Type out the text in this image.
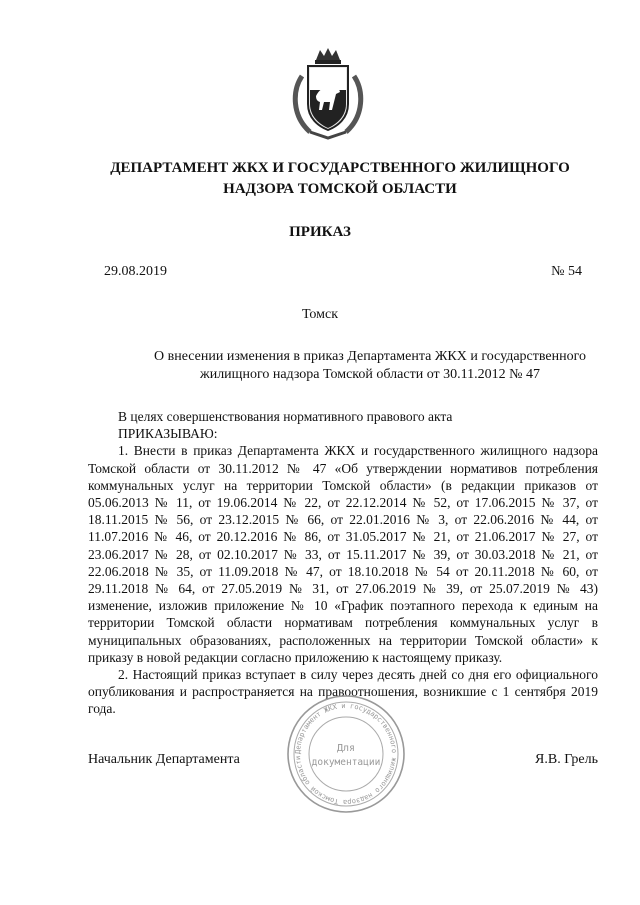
ДЕПАРТАМЕНТ ЖКХ И ГОСУДАРСТВЕННОГО ЖИЛИЩНОГО
НАДЗОРА ТОМСКОЙ ОБЛАСТИ
ПРИКАЗ
29.08.2019	№ 54
Томск
О внесении изменения в приказ Департамента ЖКХ и государственного
жилищного надзора Томской области от 30.11.2012 № 47

В целях совершенствования нормативного правового акта

ПРИКАЗЫВАЮ:

1. Внести в приказ Департамента ЖКХ и государственного жилищного надзора Томской области от 30.11.2012 № 47 «Об утверждении нормативов потребления коммунальных услуг на территории Томской области» (в редакции приказов от 05.06.2013 № 11, от 19.06.2014 № 22, от 22.12.2014 № 52, от 17.06.2015 № 37, от 18.11.2015 № 56, от 23.12.2015 № 66, от 22.01.2016 № 3, от 22.06.2016 № 44, от 11.07.2016 № 46, от 20.12.2016 № 86, от 31.05.2017 № 21, от 21.06.2017 № 27, от 23.06.2017 № 28, от 02.10.2017 № 33, от 15.11.2017 № 39, от 30.03.2018 № 21, от 22.06.2018 № 35, от 11.09.2018 № 47, от 18.10.2018 № 54 от 20.11.2018 № 60, от 29.11.2018 № 64, от 27.05.2019 № 31, от 27.06.2019 № 39, от 25.07.2019 № 43) изменение, изложив приложение № 10 «График поэтапного перехода к единым на территории Томской области нормативам потребления коммунальных услуг в муниципальных образованиях, расположенных на территории Томской области» к приказу в новой редакции согласно приложению к настоящему приказу.

2. Настоящий приказ вступает в силу через десять дней со дня его официального опубликования и распространяется на правоотношения, возникшие с 1 сентября 2019 года.

Начальник Департамента	Я.В. Грель
Департамент ЖКХ и государственного жилищного надзора Томской области
Для
документации
